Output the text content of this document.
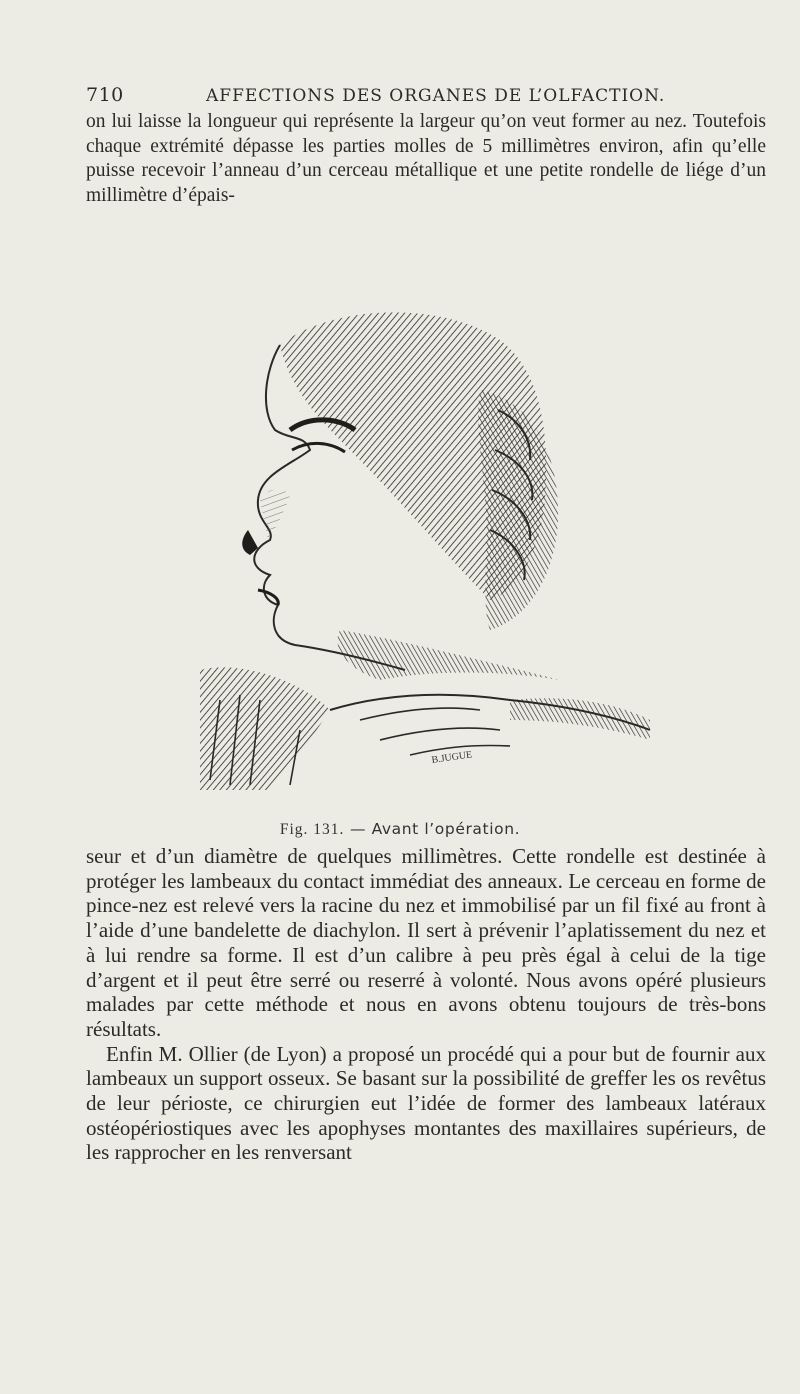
710	AFFECTIONS DES ORGANES DE L’OLFACTION.
on lui laisse la longueur qui représente la largeur qu’on veut former au nez. Toutefois chaque extrémité dépasse les parties molles de 5 millimètres environ, afin qu’elle puisse recevoir l’anneau d’un cerceau métallique et une petite rondelle de liége d’un millimètre d’épais-
B.JUGUE
Fig. 131. — Avant l’opération.

seur et d’un diamètre de quelques millimètres. Cette rondelle est destinée à protéger les lambeaux du contact immédiat des anneaux. Le cerceau en forme de pince-nez est relevé vers la racine du nez et immobilisé par un fil fixé au front à l’aide d’une bandelette de diachylon. Il sert à prévenir l’aplatissement du nez et à lui rendre sa forme. Il est d’un calibre à peu près égal à celui de la tige d’argent et il peut être serré ou reserré à volonté. Nous avons opéré plusieurs malades par cette méthode et nous en avons obtenu toujours de très-bons résultats.

Enfin M. Ollier (de Lyon) a proposé un procédé qui a pour but de fournir aux lambeaux un support osseux. Se basant sur la possibilité de greffer les os revêtus de leur périoste, ce chirurgien eut l’idée de former des lambeaux latéraux ostéopériostiques avec les apophyses montantes des maxillaires supérieurs, de les rapprocher en les renversant
